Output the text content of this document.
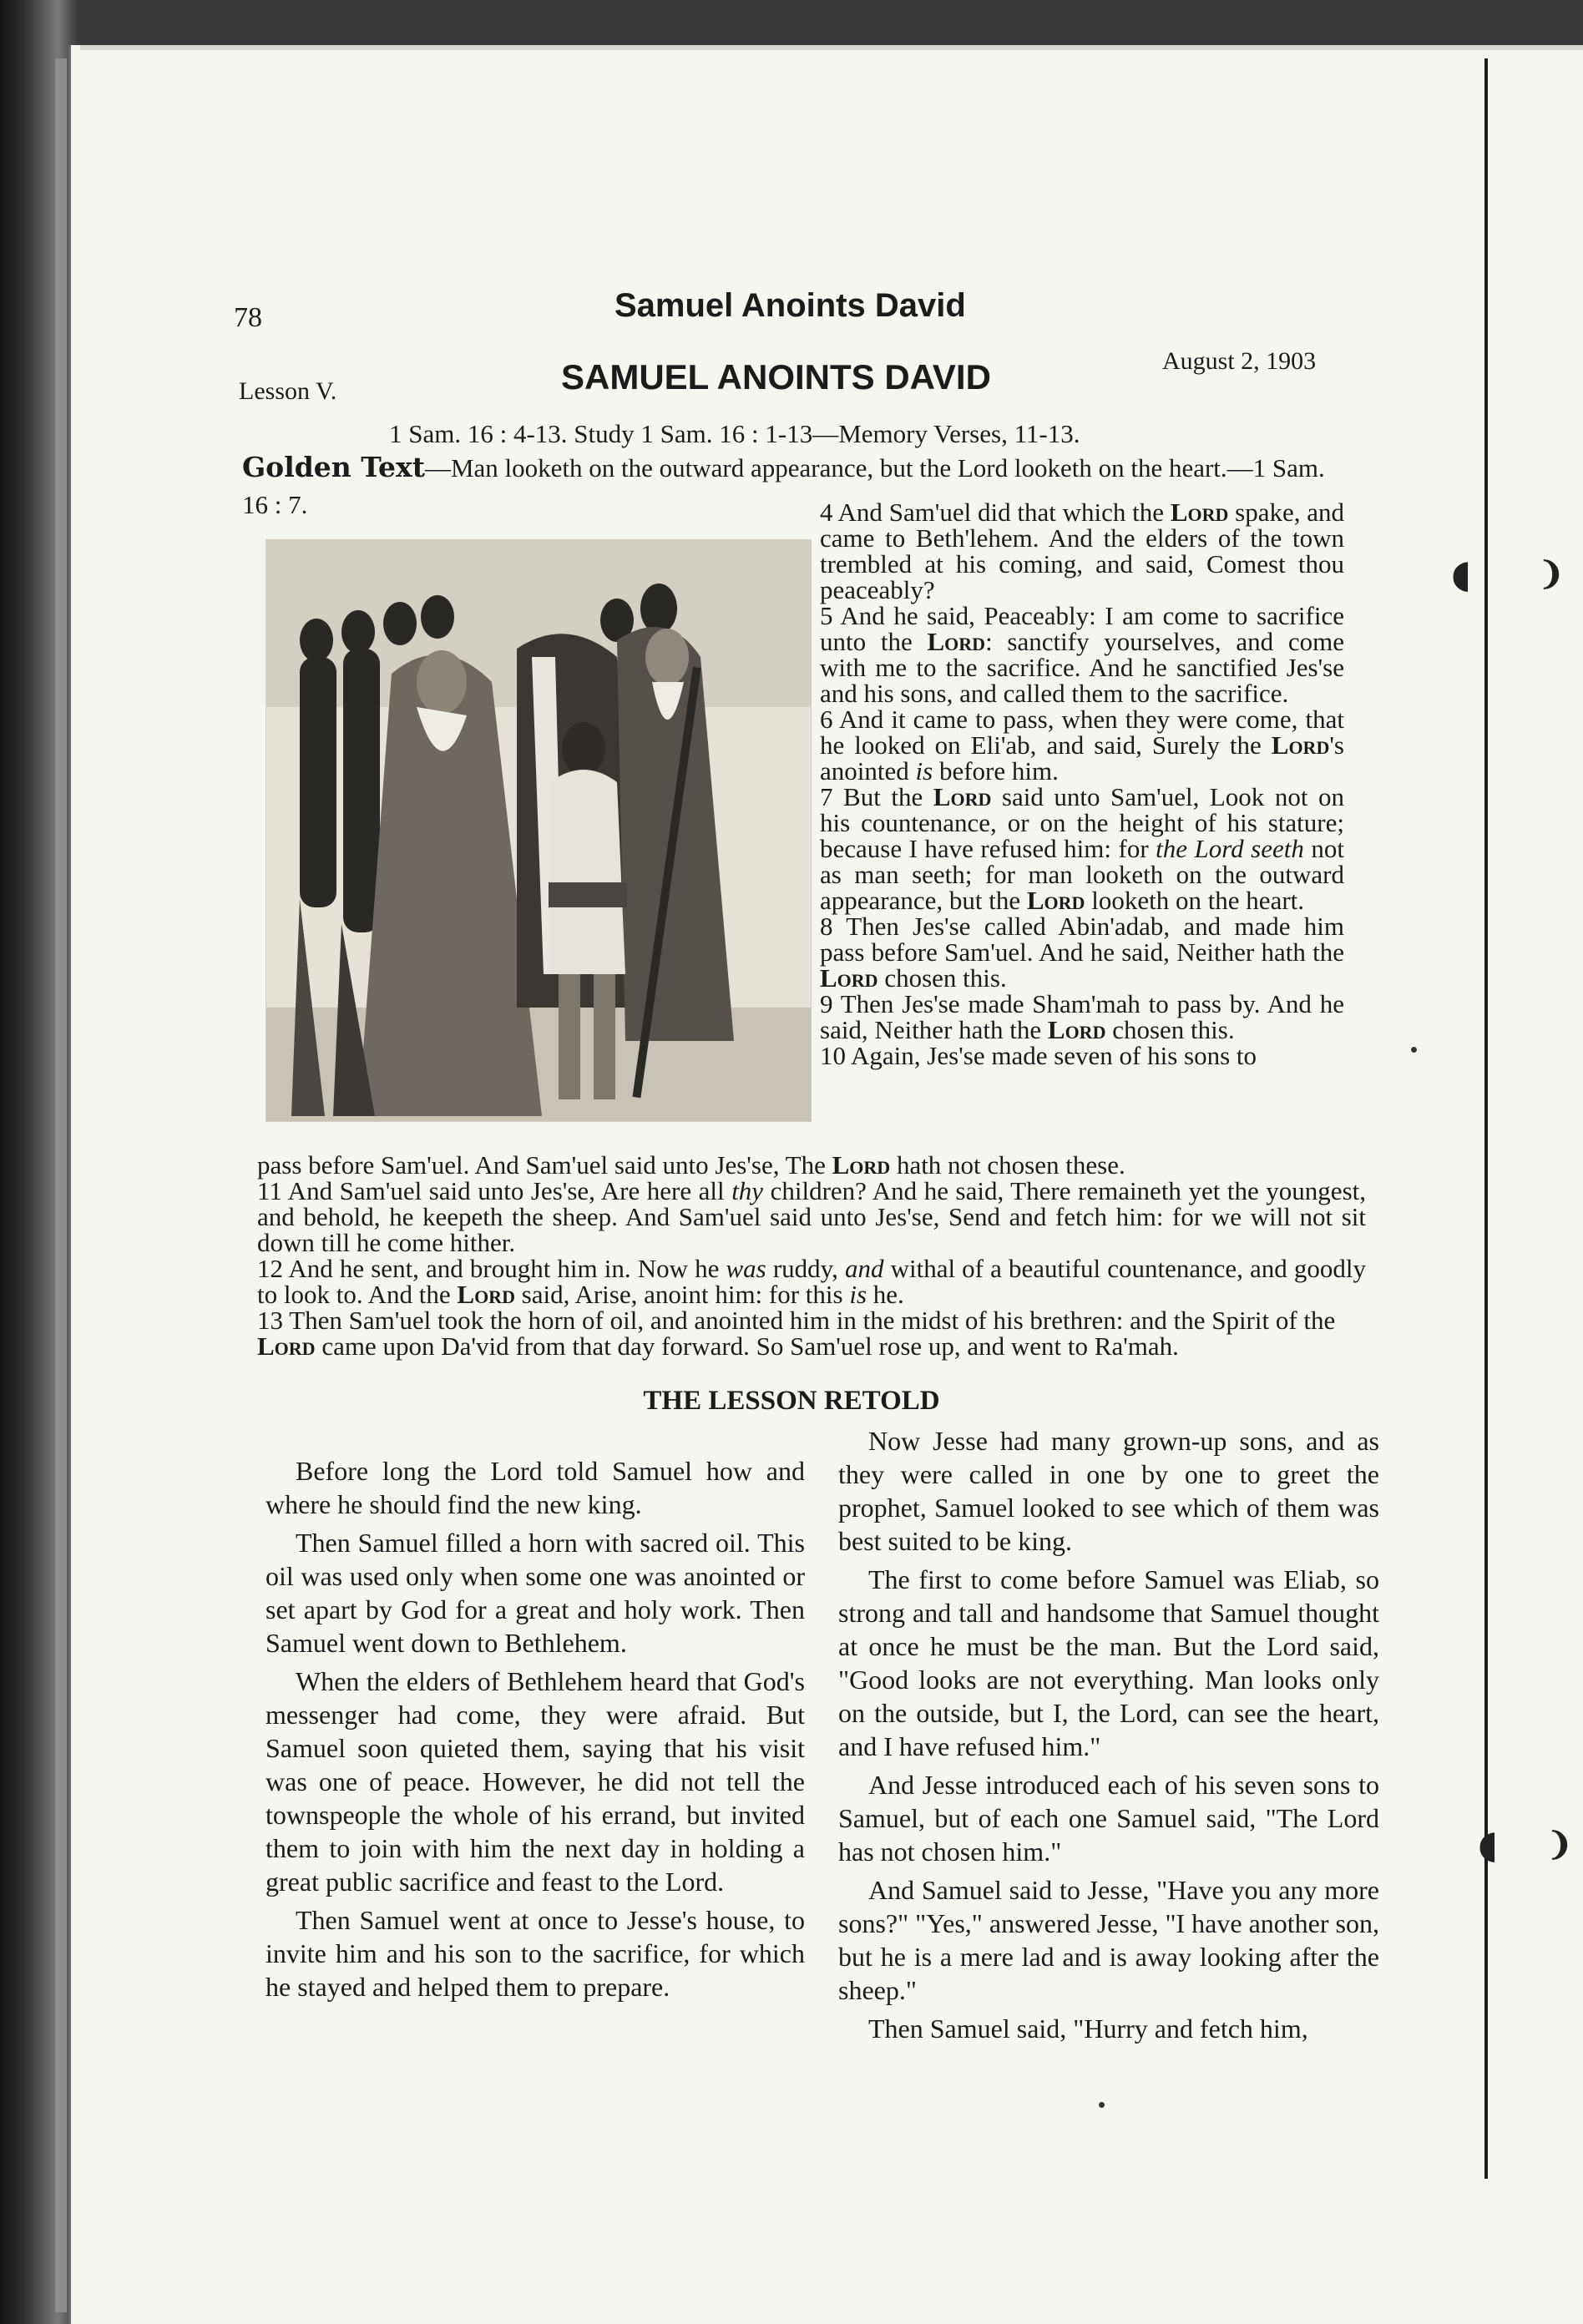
◖ ❩
◖ ❩
78	Samuel Anoints David
Lesson V.	SAMUEL ANOINTS DAVID	August 2, 1903
1 Sam. 16 : 4-13. Study 1 Sam. 16 : 1-13—Memory Verses, 11-13.
Golden Text—Man looketh on the outward appearance, but the Lord looketh on the heart.—1 Sam. 16 : 7.	4 And Sam'uel did that which the Lord spake, and came to Beth'lehem. And the elders of the town trembled at his coming, and said, Comest thou peaceably?

5 And he said, Peaceably: I am come to sacrifice unto the Lord: sanctify yourselves, and come with me to the sacrifice. And he sanctified Jes'se and his sons, and called them to the sacrifice.

6 And it came to pass, when they were come, that he looked on Eli'ab, and said, Surely the Lord's anointed is before him.

7 But the Lord said unto Sam'uel, Look not on his countenance, or on the height of his stature; because I have refused him: for the Lord seeth not as man seeth; for man looketh on the outward appearance, but the Lord looketh on the heart.

8 Then Jes'se called Abin'adab, and made him pass before Sam'uel. And he said, Neither hath the Lord chosen this.

9 Then Jes'se made Sham'mah to pass by. And he said, Neither hath the Lord chosen this.

10 Again, Jes'se made seven of his sons to

pass before Sam'uel. And Sam'uel said unto Jes'se, The Lord hath not chosen these.

11 And Sam'uel said unto Jes'se, Are here all thy children? And he said, There remaineth yet the youngest, and behold, he keepeth the sheep. And Sam'uel said unto Jes'se, Send and fetch him: for we will not sit down till he come hither.

12 And he sent, and brought him in. Now he was ruddy, and withal of a beautiful countenance, and goodly to look to. And the Lord said, Arise, anoint him: for this is he.

13 Then Sam'uel took the horn of oil, and anointed him in the midst of his brethren: and the Spirit of the Lord came upon Da'vid from that day forward. So Sam'uel rose up, and went to Ra'mah.

THE LESSON RETOLD

Before long the Lord told Samuel how and where he should find the new king.

Then Samuel filled a horn with sacred oil. This oil was used only when some one was anointed or set apart by God for a great and holy work. Then Samuel went down to Bethlehem.

When the elders of Bethlehem heard that God's messenger had come, they were afraid. But Samuel soon quieted them, saying that his visit was one of peace. However, he did not tell the townspeople the whole of his errand, but invited them to join with him the next day in holding a great public sacrifice and feast to the Lord.

Then Samuel went at once to Jesse's house, to invite him and his son to the sacrifice, for which he stayed and helped them to prepare.

Now Jesse had many grown-up sons, and as they were called in one by one to greet the prophet, Samuel looked to see which of them was best suited to be king.

The first to come before Samuel was Eliab, so strong and tall and handsome that Samuel thought at once he must be the man. But the Lord said, "Good looks are not everything. Man looks only on the outside, but I, the Lord, can see the heart, and I have refused him."

And Jesse introduced each of his seven sons to Samuel, but of each one Samuel said, "The Lord has not chosen him."

And Samuel said to Jesse, "Have you any more sons?" "Yes," answered Jesse, "I have another son, but he is a mere lad and is away looking after the sheep."

Then Samuel said, "Hurry and fetch him,
